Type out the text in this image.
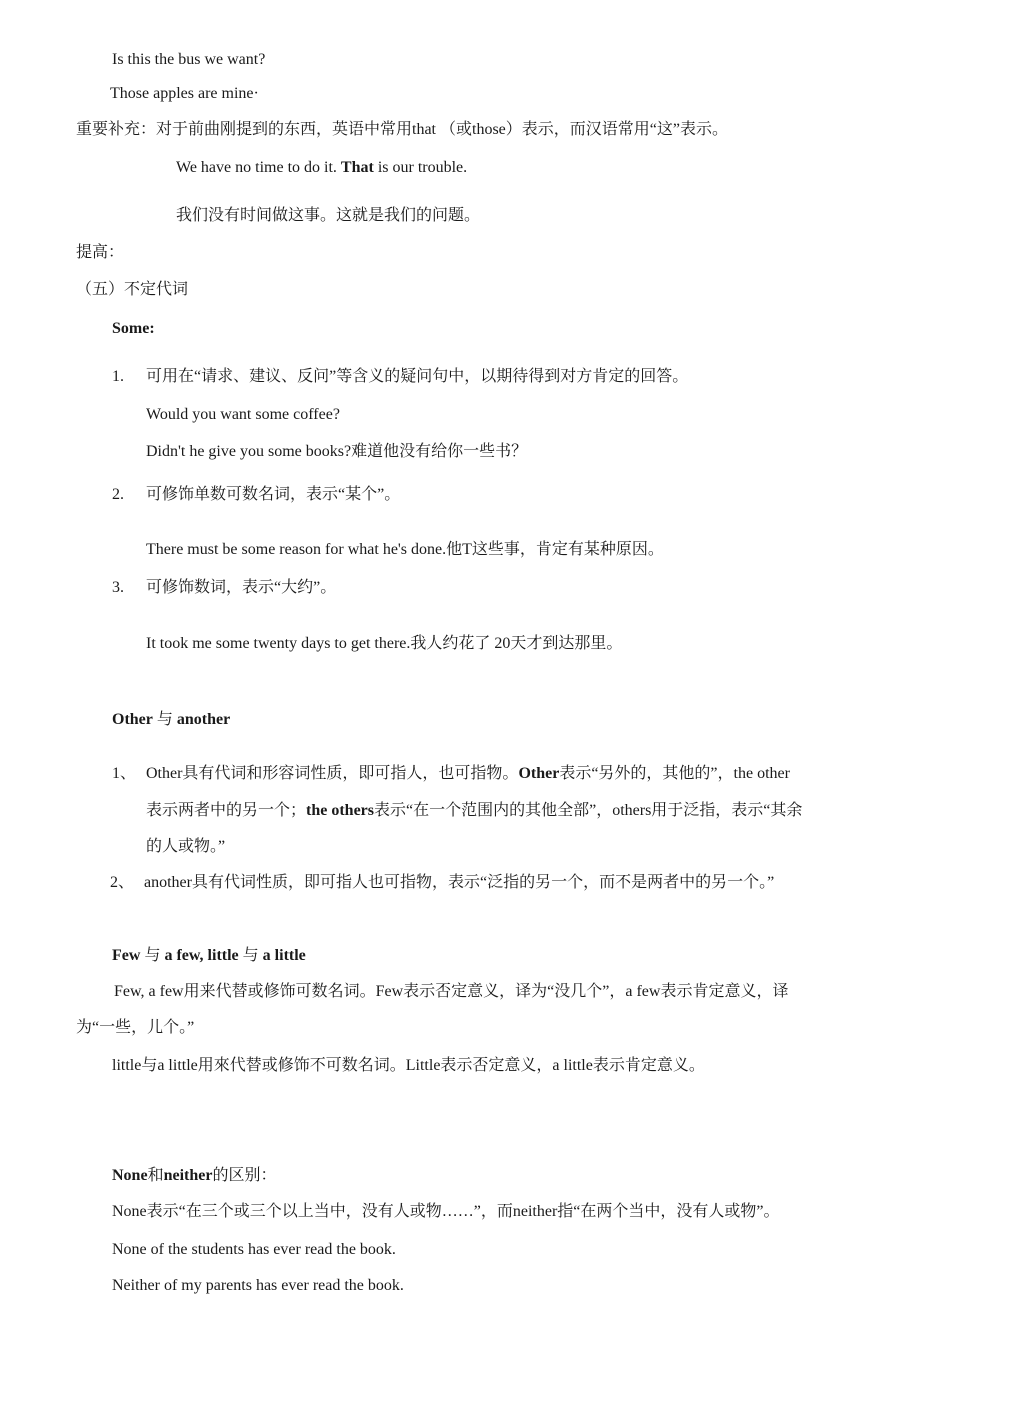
Is this the bus we want?
Those apples are mine·
重要补充：对于前曲刚提到的东西，英语中常用that （或those）表示，而汉语常用“这”表示。
We have no time to do it. That is our trouble.
我们没有时间做这事。这就是我们的问题。
提高：
（五）不定代词
Some:
1. 可用在“请求、建议、反问”等含义的疑问句中，以期待得到对方肯定的回答。
Would you want some coffee?
Didn't he give you some books?难道他没有给你一些书？
2. 可修饰单数可数名词，表示“某个”。
There must be some reason for what he's done.他T这些事，肯定有某种原因。
3. 可修饰数词，表示“大约”。
It took me some twenty days to get there.我人约花了 20天才到达那里。
Other 与 another
1、 Other具有代词和形容词性质，即可指人，也可指物。Other表示“另外的，其他的”，the other
表示两者中的另一个；the others表示“在一个范围内的其他全部”，others用于泛指，表示“其余
的人或物。”
2、 another具有代词性质，即可指人也可指物，表示“泛指的另一个，而不是两者中的另一个。”
Few 与 a few, little 与 a little
Few, a few用来代替或修饰可数名词。Few表示否定意义，译为“没几个”，a few表示肯定意义，译
为“一些，儿个。”
little与a little用來代替或修饰不可数名词。Little表示否定意义，a little表示肯定意义。
None和neither的区别：
None表示“在三个或三个以上当中，没有人或物……”，而neither指“在两个当中，没有人或物”。
None of the students has ever read the book.
Neither of my parents has ever read the book.
